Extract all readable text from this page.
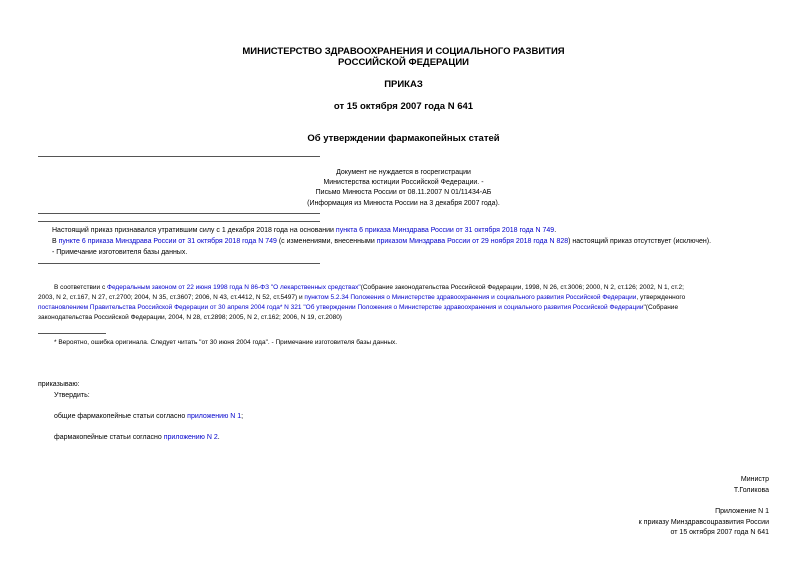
МИНИСТЕРСТВО ЗДРАВООХРАНЕНИЯ И СОЦИАЛЬНОГО РАЗВИТИЯ
РОССИЙСКОЙ ФЕДЕРАЦИИ
ПРИКАЗ
от 15 октября 2007 года N 641
Об утверждении фармакопейных статей
Документ не нуждается в госрегистрации
Министерства юстиции Российской Федерации. -
Письмо Минюста России от 08.11.2007 N 01/11434-АБ
(Информация из Минюста России на 3 декабря 2007 года).
Настоящий приказ признавался утратившим силу с 1 декабря 2018 года на основании пункта 6 приказа Минздрава России от 31 октября 2018 года N 749.
В пункте 6 приказа Минздрава России от 31 октября 2018 года N 749 (с изменениями, внесенными приказом Минздрава России от 29 ноября 2018 года N 828) настоящий приказ отсутствует (исключен).
- Примечание изготовителя базы данных.
В соответствии с Федеральным законом от 22 июня 1998 года N 86-ФЗ "О лекарственных средствах"(Собрание законодательства Российской Федерации, 1998, N 26, ст.3006; 2000, N 2, ст.126; 2002, N 1, ст.2;
2003, N 2, ст.167, N 27, ст.2700; 2004, N 35, ст.3607; 2006, N 43, ст.4412, N 52, ст.5497) и пунктом 5.2.34 Положения о Министерстве здравоохранения и социального развития Российской Федерации, утвержденного
постановлением Правительства Российской Федерации от 30 апреля 2004 года* N 321 "Об утверждении Положения о Министерстве здравоохранения и социального развития Российской Федерации"(Собрание
законодательства Российской Федерации, 2004, N 28, ст.2898; 2005, N 2, ст.162; 2006, N 19, ст.2080)
* Вероятно, ошибка оригинала. Следует читать "от 30 июня 2004 года". - Примечание изготовителя базы данных.
приказываю:
Утвердить:
общие фармакопейные статьи согласно приложению N 1;
фармакопейные статьи согласно приложению N 2.
Министр
Т.Голикова
Приложение N 1
к приказу Минздравсоцразвития России
от 15 октября 2007 года N 641
